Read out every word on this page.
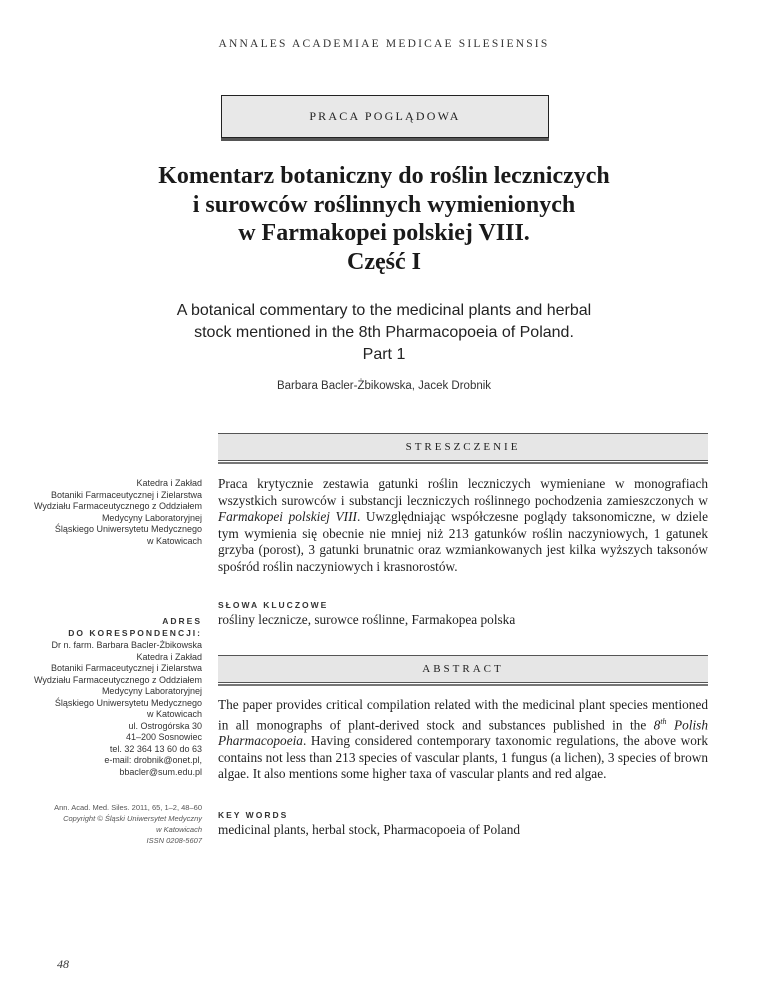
ANNALES ACADEMIAE MEDICAE SILESIENSIS
PRACA POGLĄDOWA
Komentarz botaniczny do roślin leczniczych
i surowców roślinnych wymienionych
w Farmakopei polskiej VIII.
Część I
A botanical commentary to the medicinal plants and herbal
stock mentioned in the 8th Pharmacopoeia of Poland.
Part 1
Barbara Bacler-Żbikowska, Jacek Drobnik
STRESZCZENIE
Katedra i Zakład
Botaniki Farmaceutycznej i Zielarstwa
Wydziału Farmaceutycznego z Oddziałem
Medycyny Laboratoryjnej
Śląskiego Uniwersytetu Medycznego
w Katowicach
Praca krytycznie zestawia gatunki roślin leczniczych wymieniane w monografiach wszystkich surowców i substancji leczniczych roślinnego pochodzenia zamieszczonych w Farmakopei polskiej VIII. Uwzględniając współczesne poglądy taksonomiczne, w dziele tym wymienia się obecnie nie mniej niż 213 gatunków roślin naczyniowych, 1 gatunek grzyba (porost), 3 gatunki brunatnic oraz wzmiankowanych jest kilka wyższych taksonów spośród roślin naczyniowych i krasnorostów.
SŁOWA KLUCZOWE
rośliny lecznicze, surowce roślinne, Farmakopea polska
ADRES
DO KORESPONDENCJI:
Dr n. farm. Barbara Bacler-Żbikowska
Katedra i Zakład
Botaniki Farmaceutycznej i Zielarstwa
Wydziału Farmaceutycznego z Oddziałem
Medycyny Laboratoryjnej
Śląskiego Uniwersytetu Medycznego
w Katowicach
ul. Ostrogórska 30
41–200 Sosnowiec
tel. 32 364 13 60 do 63
e-mail: drobnik@onet.pl,
bbacler@sum.edu.pl
ABSTRACT
The paper provides critical compilation related with the medicinal plant species mentioned in all monographs of plant-derived stock and substances published in the 8th Polish Pharmacopoeia. Having considered contemporary taxonomic regulations, the above work contains not less than 213 species of vascular plants, 1 fungus (a lichen), 3 species of brown algae. It also mentions some higher taxa of vascular plants and red algae.
Ann. Acad. Med. Siles. 2011, 65, 1–2, 48–60
Copyright © Śląski Uniwersytet Medyczny
w Katowicach
ISSN 0208-5607
KEY WORDS
medicinal plants, herbal stock, Pharmacopoeia of Poland
48
